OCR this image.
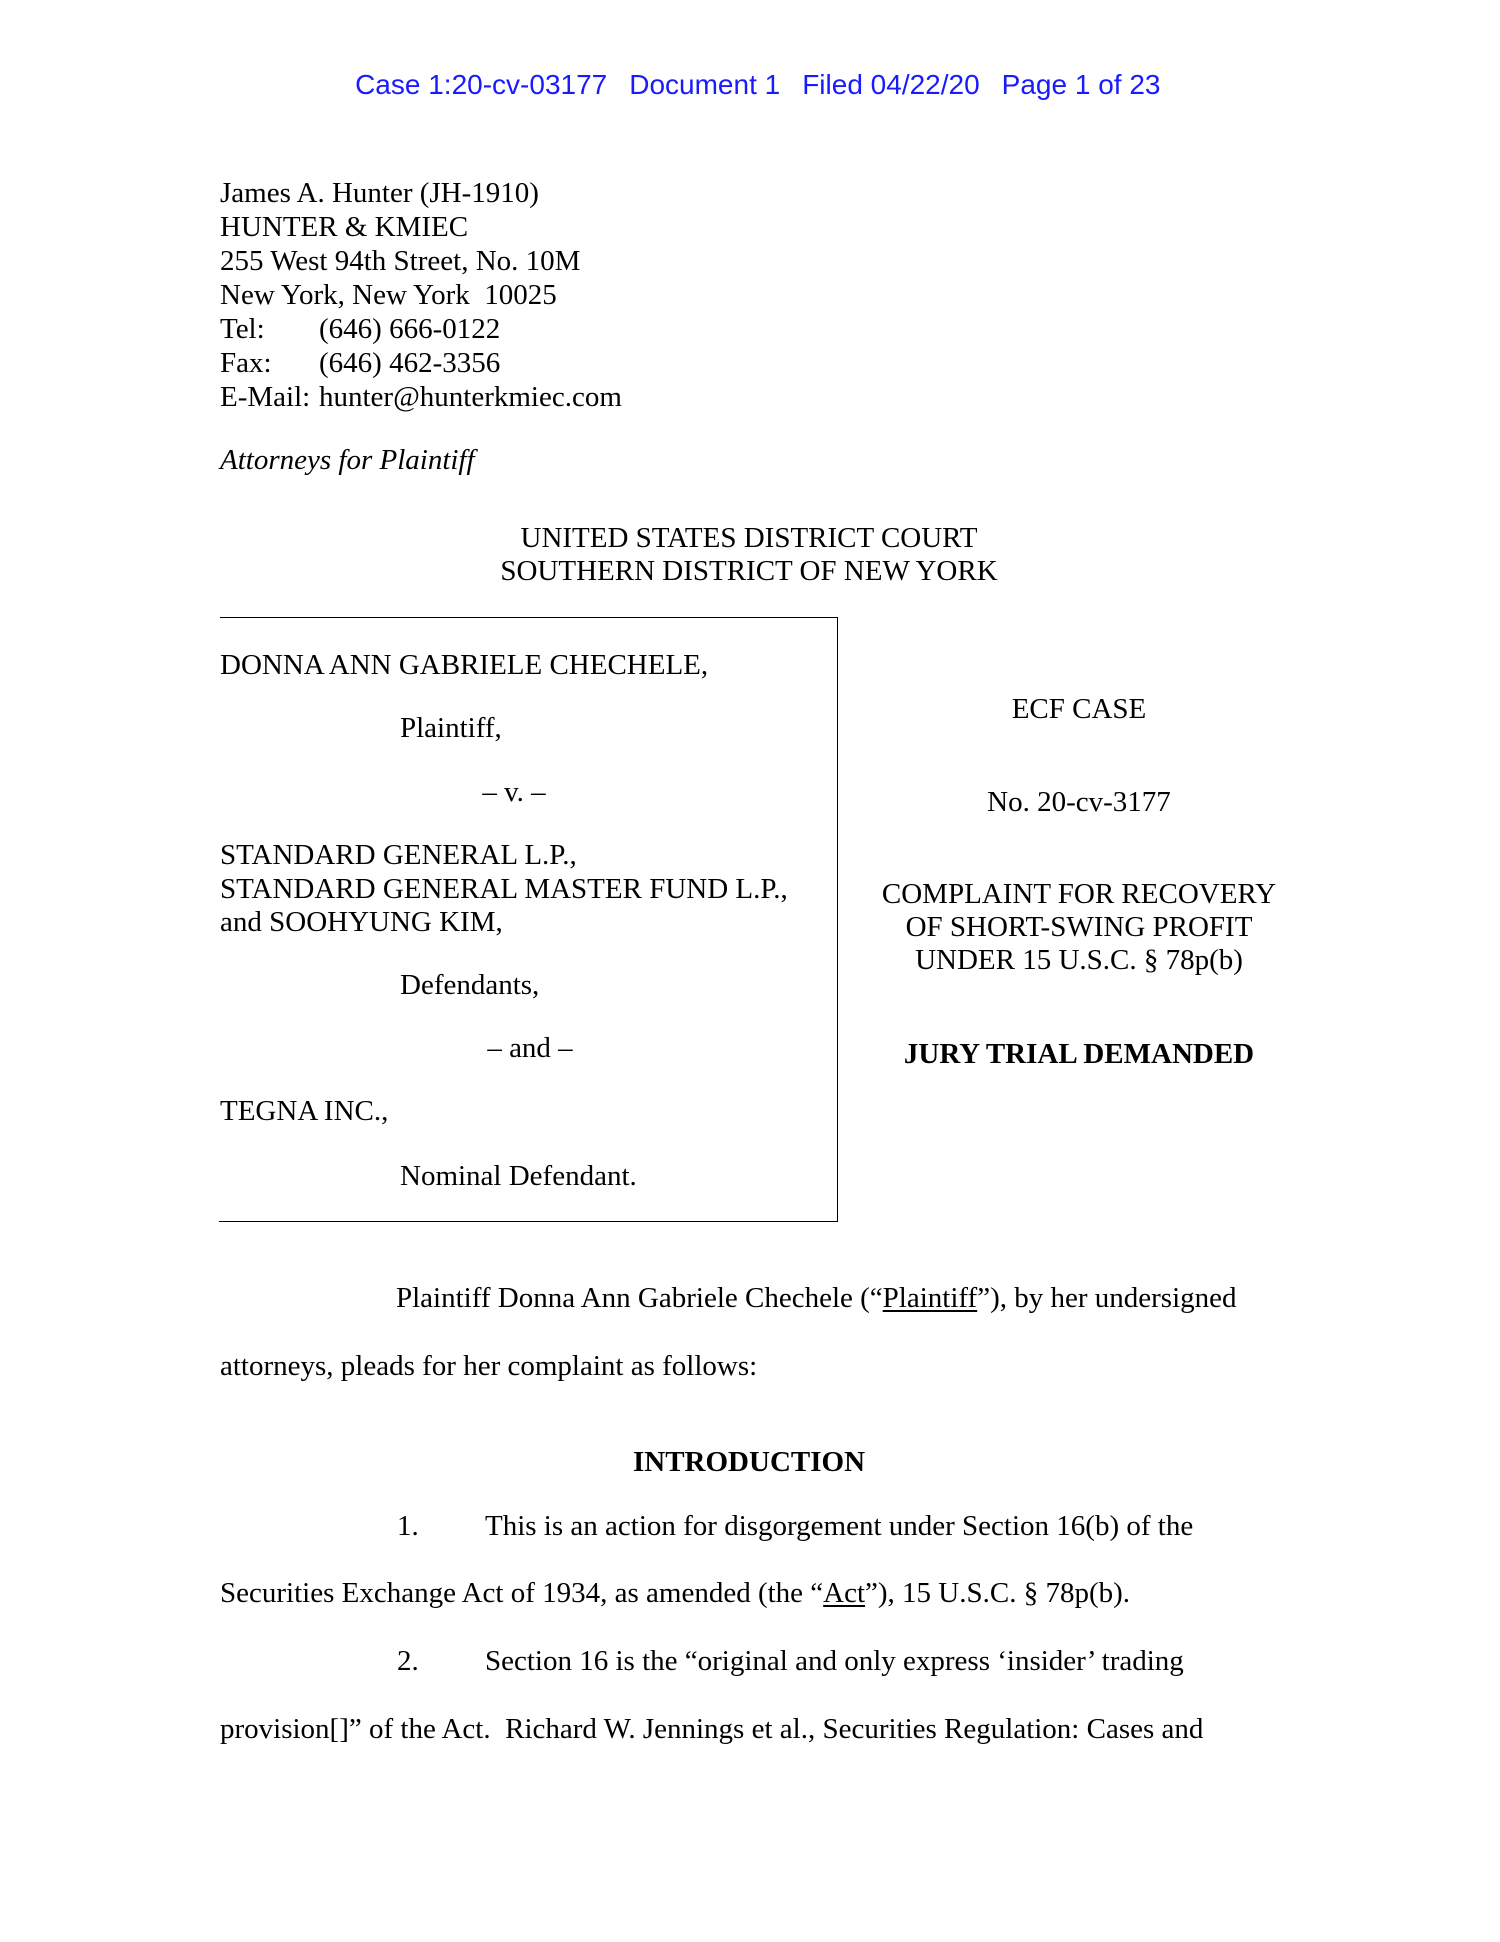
Case 1:20-cv-03177 Document 1 Filed 04/22/20 Page 1 of 23

James A. Hunter (JH-1910)
HUNTER & KMIEC
255 West 94th Street, No. 10M
New York, New York  10025
Tel: (646) 666-0122
Fax: (646) 462-3356
E-Mail: hunter@hunterkmiec.com
Attorneys for Plaintiff
UNITED STATES DISTRICT COURT
SOUTHERN DISTRICT OF NEW YORK
DONNA ANN GABRIELE CHECHELE,
Plaintiff,
– v. –
STANDARD GENERAL L.P.,
STANDARD GENERAL MASTER FUND L.P.,
and SOOHYUNG KIM,
Defendants,
– and –
TEGNA INC.,
Nominal Defendant.
ECF CASE
No. 20-cv-3177
COMPLAINT FOR RECOVERY
OF SHORT-SWING PROFIT
UNDER 15 U.S.C. § 78p(b)
JURY TRIAL DEMANDED
Plaintiff Donna Ann Gabriele Chechele (“Plaintiff”), by her undersigned
attorneys, pleads for her complaint as follows:
INTRODUCTION
1. This is an action for disgorgement under Section 16(b) of the
Securities Exchange Act of 1934, as amended (the “Act”), 15 U.S.C. § 78p(b).
2. Section 16 is the “original and only express ‘insider’ trading
provision[]” of the Act.  Richard W. Jennings et al., Securities Regulation: Cases and
